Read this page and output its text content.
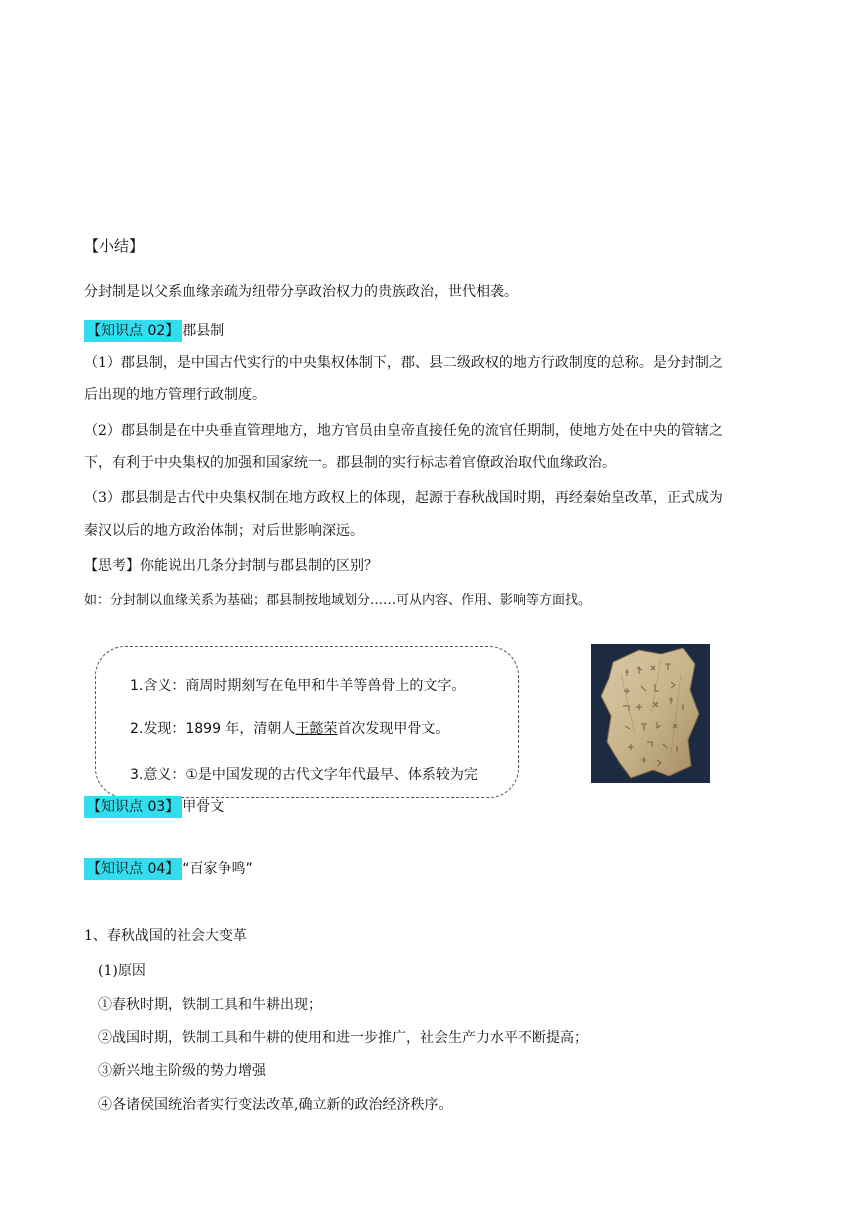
【小结】
分封制是以父系血缘亲疏为纽带分享政治权力的贵族政治，世代相袭。
【知识点 02】 郡县制
（1）郡县制，是中国古代实行的中央集权体制下，郡、县二级政权的地方行政制度的总称。是分封制之
后出现的地方管理行政制度。
（2）郡县制是在中央垂直管理地方，地方官员由皇帝直接任免的流官任期制，使地方处在中央的管辖之
下，有利于中央集权的加强和国家统一。郡县制的实行标志着官僚政治取代血缘政治。
（3）郡县制是古代中央集权制在地方政权上的体现，起源于春秋战国时期，再经秦始皇改革，正式成为
秦汉以后的地方政治体制；对后世影响深远。
【思考】你能说出几条分封制与郡县制的区别？
如：分封制以血缘关系为基础；郡县制按地域划分……可从内容、作用、影响等方面找。
1.含义：商周时期刻写在龟甲和牛羊等兽骨上的文字。
2.发现：1899 年，清朝人王懿荣首次发现甲骨文。
3.意义：①是中国发现的古代文字年代最早、体系较为完
【知识点 03】 甲骨文
【知识点 04】 “百家争鸣”
1、春秋战国的社会大变革
(1)原因
①春秋时期，铁制工具和牛耕出现；
②战国时期，铁制工具和牛耕的使用和进一步推广，社会生产力水平不断提高；
③新兴地主阶级的势力增强
④各诸侯国统治者实行变法改革,确立新的政治经济秩序。
